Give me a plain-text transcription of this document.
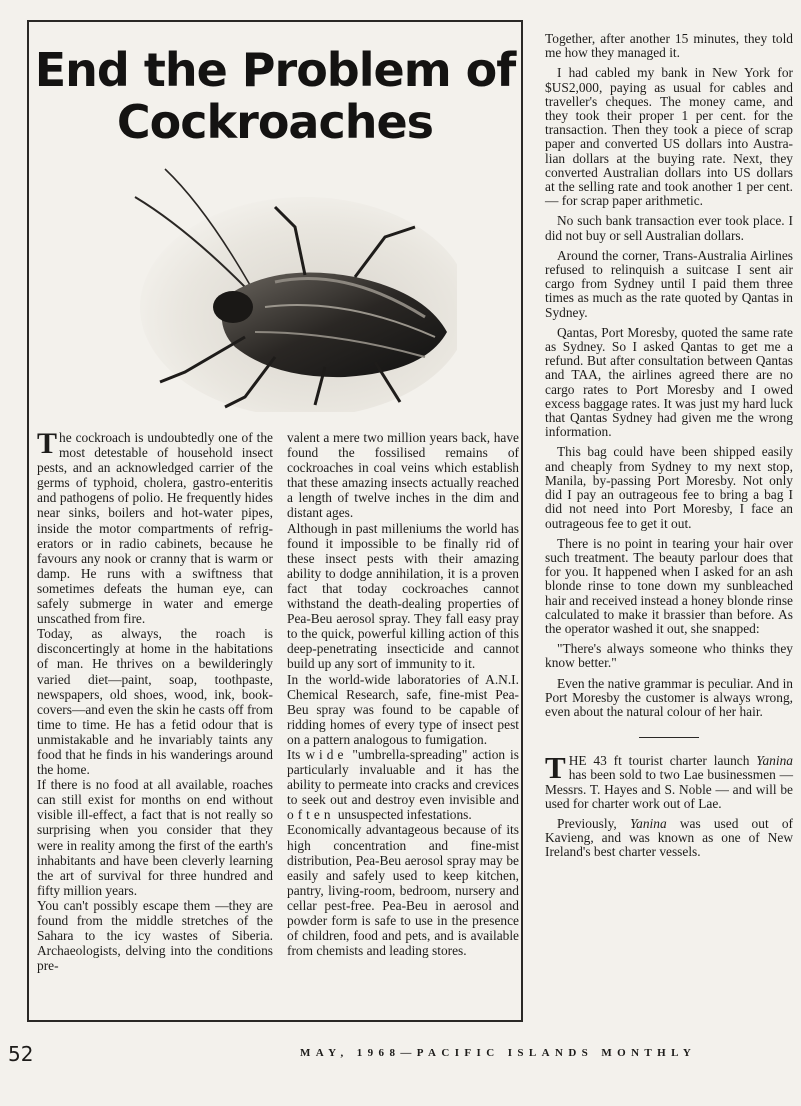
End the Problem of
Cockroaches

The cockroach is undoubtedly one of the most detestable of household insect pests, and an acknowledged carrier of the germs of typhoid, cholera, gastro-enteritis and pathogens of polio. He frequently hides near sinks, boilers and hot-water pipes, inside the motor compartments of refrigerators or in radio cabinets, because he favours any nook or cranny that is warm or damp. He runs with a swiftness that sometimes defeats the human eye, can safely submerge in water and emerge unscathed from fire.

Today, as always, the roach is disconcertingly at home in the habitations of man. He thrives on a bewilderingly varied diet—paint, soap, toothpaste, newspapers, old shoes, wood, ink, book-covers—and even the skin he casts off from time to time. He has a fetid odour that is unmistakable and he invariably taints any food that he finds in his wanderings around the home.

If there is no food at all available, roaches can still exist for months on end without visible ill-effect, a fact that is not really so surprising when you consider that they were in reality among the first of the earth's inhabitants and have been cleverly learning the art of survival for three hundred and fifty million years.

You can't possibly escape them —they are found from the middle stretches of the Sahara to the icy wastes of Siberia. Archaeologists, delving into the conditions pre-

valent a mere two million years back, have found the fossilised remains of cockroaches in coal veins which establish that these amazing insects actually reached a length of twelve inches in the dim and distant ages.

Although in past milleniums the world has found it impossible to be finally rid of these insect pests with their amazing ability to dodge annihilation, it is a proven fact that today cockroaches cannot withstand the death-dealing properties of Pea-Beu aerosol spray. They fall easy pray to the quick, powerful killing action of this deep-penetrating insecticide and cannot build up any sort of immunity to it.

In the world-wide laboratories of A.N.I. Chemical Research, safe, fine-mist Pea-Beu spray was found to be capable of ridding homes of every type of insect pest on a pattern analogous to fumigation.

Its wide "umbrella-spreading" action is particularly invaluable and it has the ability to permeate into cracks and crevices to seek out and destroy even invisible and often unsuspected infestations.

Economically advantageous because of its high concentration and fine-mist distribution, Pea-Beu aerosol spray may be easily and safely used to keep kitchen, pantry, living-room, bedroom, nursery and cellar pest-free. Pea-Beu in aerosol and powder form is safe to use in the presence of children, food and pets, and is available from chemists and leading stores.

Together, after another 15 minutes, they told me how they managed it.

I had cabled my bank in New York for $US2,000, paying as usual for cables and traveller's cheques. The money came, and they took their proper 1 per cent. for the transaction. Then they took a piece of scrap paper and converted US dollars into Australian dollars at the buying rate. Next, they converted Australian dollars into US dollars at the selling rate and took another 1 per cent. — for scrap paper arithmetic.

No such bank transaction ever took place. I did not buy or sell Australian dollars.

Around the corner, Trans-Australia Airlines refused to relinquish a suitcase I sent air cargo from Sydney until I paid them three times as much as the rate quoted by Qantas in Sydney.

Qantas, Port Moresby, quoted the same rate as Sydney. So I asked Qantas to get me a refund. But after consultation between Qantas and TAA, the airlines agreed there are no cargo rates to Port Moresby and I owed excess baggage rates. It was just my hard luck that Qantas Sydney had given me the wrong information.

This bag could have been shipped easily and cheaply from Sydney to my next stop, Manila, by-passing Port Moresby. Not only did I pay an outrageous fee to bring a bag I did not need into Port Moresby, I face an outrageous fee to get it out.

There is no point in tearing your hair over such treatment. The beauty parlour does that for you. It happened when I asked for an ash blonde rinse to tone down my sunbleached hair and received instead a honey blonde rinse calculated to make it brassier than before. As the operator washed it out, she snapped:

"There's always someone who thinks they know better."

Even the native grammar is peculiar. And in Port Moresby the customer is always wrong, even about the natural colour of her hair.

THE 43 ft tourist charter launch Yanina has been sold to two Lae businessmen — Messrs. T. Hayes and S. Noble — and will be used for charter work out of Lae.

Previously, Yanina was used out of Kavieng, and was known as one of New Ireland's best charter vessels.

52	MAY, 1968—PACIFIC ISLANDS MONTHLY
